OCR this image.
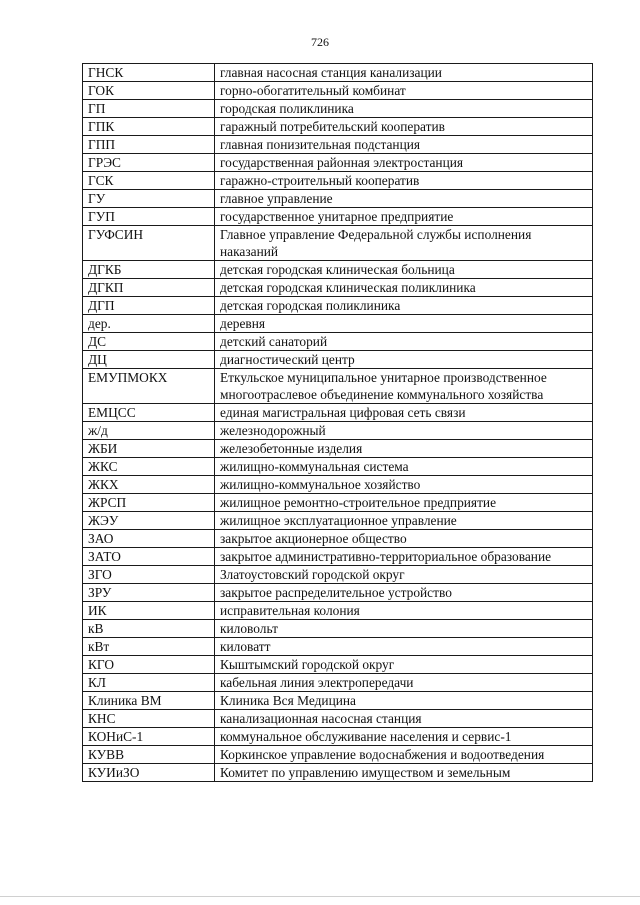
726
ГНСК	главная насосная станция канализации
ГОК	горно-обогатительный комбинат
ГП	городская поликлиника
ГПК	гаражный потребительский кооператив
ГПП	главная понизительная подстанция
ГРЭС	государственная районная электростанция
ГСК	гаражно-строительный кооператив
ГУ	главное управление
ГУП	государственное унитарное предприятие
ГУФСИН	Главное управление Федеральной службы исполнения наказаний
ДГКБ	детская городская клиническая больница
ДГКП	детская городская клиническая поликлиника
ДГП	детская городская поликлиника
дер.	деревня
ДС	детский санаторий
ДЦ	диагностический центр
ЕМУПМОКХ	Еткульское муниципальное унитарное производственное многоотраслевое объединение коммунального хозяйства
ЕМЦСС	единая магистральная цифровая сеть связи
ж/д	железнодорожный
ЖБИ	железобетонные изделия
ЖКС	жилищно-коммунальная система
ЖКХ	жилищно-коммунальное хозяйство
ЖРСП	жилищное ремонтно-строительное предприятие
ЖЭУ	жилищное эксплуатационное управление
ЗАО	закрытое акционерное общество
ЗАТО	закрытое административно-территориальное образование
ЗГО	Златоустовский городской округ
ЗРУ	закрытое распределительное устройство
ИК	исправительная колония
кВ	киловольт
кВт	киловатт
КГО	Кыштымский городской округ
КЛ	кабельная линия электропередачи
Клиника ВМ	Клиника Вся Медицина
КНС	канализационная насосная станция
КОНиС-1	коммунальное обслуживание населения и сервис-1
КУВВ	Коркинское управление водоснабжения и водоотведения
КУИиЗО	Комитет по управлению имуществом и земельным
